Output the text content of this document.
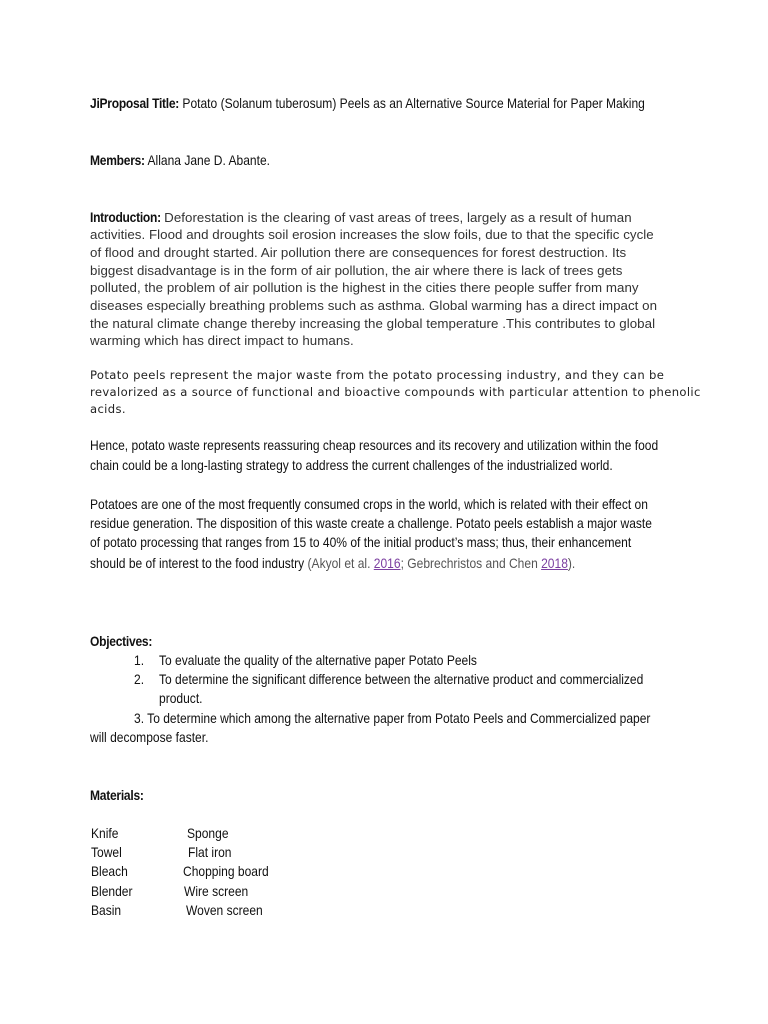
JiProposal Title: Potato (Solanum tuberosum) Peels as an Alternative Source Material for Paper Making
Members: Allana Jane D. Abante.
Introduction: Deforestation is the clearing of vast areas of trees, largely as a result of human
activities. Flood and droughts soil erosion increases the slow foils, due to that the specific cycle
of flood and drought started. Air pollution there are consequences for forest destruction. Its
biggest disadvantage is in the form of air pollution, the air where there is lack of trees gets
polluted, the problem of air pollution is the highest in the cities there people suffer from many
diseases especially breathing problems such as asthma. Global warming has a direct impact on
the natural climate change thereby increasing the global temperature .This contributes to global
warming which has direct impact to humans.
Potato peels represent the major waste from the potato processing industry, and they can be
revalorized as a source of functional and bioactive compounds with particular attention to phenolic
acids.
Hence, potato waste represents reassuring cheap resources and its recovery and utilization within the food
chain could be a long-lasting strategy to address the current challenges of the industrialized world.
Potatoes are one of the most frequently consumed crops in the world, which is related with their effect on
residue generation. The disposition of this waste create a challenge. Potato peels establish a major waste
of potato processing that ranges from 15 to 40% of the initial product’s mass; thus, their enhancement
should be of interest to the food industry (Akyol et al. 2016; Gebrechristos and Chen 2018).
Objectives:
1. To evaluate the quality of the alternative paper Potato Peels
2. To determine the significant difference between the alternative product and commercialized
product.
3. To determine which among the alternative paper from Potato Peels and Commercialized paper
will decompose faster.
Materials:
Knife	Sponge
Towel	Flat iron
Bleach	Chopping board
Blender	Wire screen
Basin	Woven screen
